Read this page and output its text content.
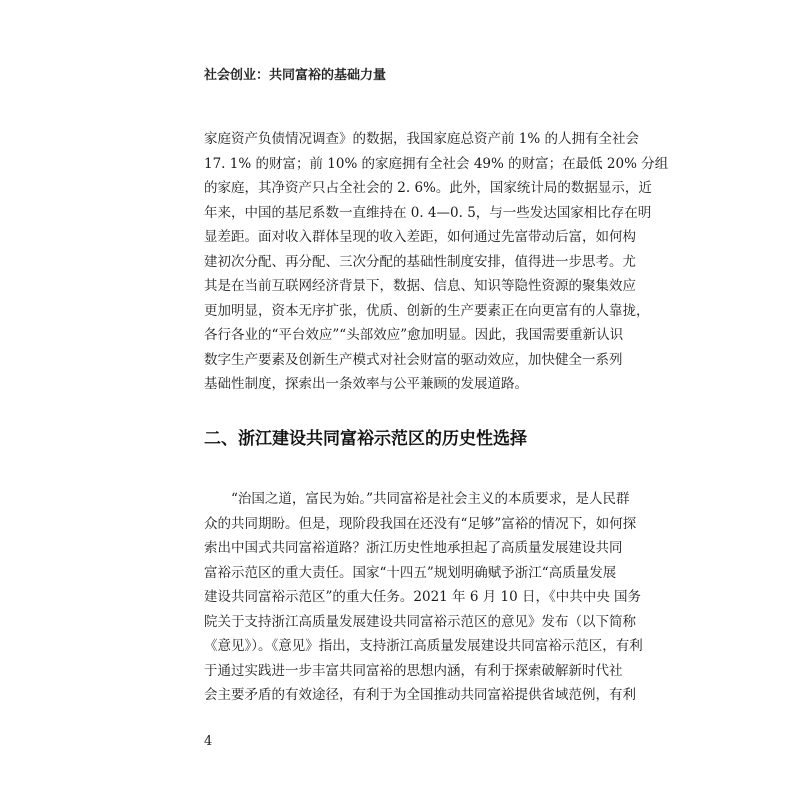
社会创业：共同富裕的基础力量
家庭资产负债情况调查》的数据，我国家庭总资产前 1% 的人拥有全社会
17. 1% 的财富；前 10% 的家庭拥有全社会 49% 的财富；在最低 20% 分组
的家庭，其净资产只占全社会的 2. 6%。此外，国家统计局的数据显示，近
年来，中国的基尼系数一直维持在 0. 4—0. 5，与一些发达国家相比存在明
显差距。面对收入群体呈现的收入差距，如何通过先富带动后富，如何构
建初次分配、再分配、三次分配的基础性制度安排，值得进一步思考。尤
其是在当前互联网经济背景下，数据、信息、知识等隐性资源的聚集效应
更加明显，资本无序扩张，优质、创新的生产要素正在向更富有的人靠拢，
各行各业的“平台效应”“头部效应”愈加明显。因此，我国需要重新认识
数字生产要素及创新生产模式对社会财富的驱动效应，加快健全一系列
基础性制度，探索出一条效率与公平兼顾的发展道路。
二、浙江建设共同富裕示范区的历史性选择
“治国之道，富民为始。”共同富裕是社会主义的本质要求，是人民群
众的共同期盼。但是，现阶段我国在还没有“足够”富裕的情况下，如何探
索出中国式共同富裕道路？浙江历史性地承担起了高质量发展建设共同
富裕示范区的重大责任。国家“十四五”规划明确赋予浙江“高质量发展
建设共同富裕示范区”的重大任务。2021 年 6 月 10 日，《中共中央 国务
院关于支持浙江高质量发展建设共同富裕示范区的意见》发布（以下简称
《意见》）。《意见》指出，支持浙江高质量发展建设共同富裕示范区，有利
于通过实践进一步丰富共同富裕的思想内涵，有利于探索破解新时代社
会主要矛盾的有效途径，有利于为全国推动共同富裕提供省域范例，有利
4
